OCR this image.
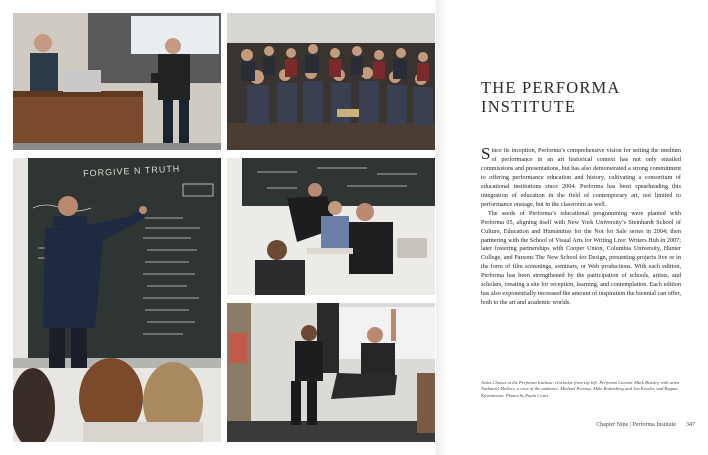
FORGIVE N TRUTH
THE PERFORMA INSTITUTE

Since its inception, Performa’s comprehensive vision for setting the medium of performance in an art historical context has not only entailed commissions and presentations, but has also demonstrated a strong commitment to offering performance education and history, cultivating a consortium of educational institutions since 2004. Performa has been spearheading this integration of education in the field of contemporary art, not limited to performance onstage, but in the classroom as well.

The seeds of Performa’s educational programming were planted with Performa 05, aligning itself with New York University’s Steinhardt School of Culture, Education and Humanities for the Not for Sale series in 2004; then partnering with the School of Visual Arts for Writing Live: Writers Hub in 2007; later fostering partnerships with Cooper Union, Columbia University, Hunter College, and Parsons The New School for Design, presenting projects live or in the form of film screenings, seminars, or Web productions. With each edition, Performa has been strengthened by the participation of schools, artists, and scholars, creating a site for reception, learning, and contemplation. Each edition has also exponentially increased the amount of inspiration the biennial can offer, both to the art and academic worlds.

Artist Classes at the Performa Institute, clockwise from top left: Performa Curator Mark Beasley with artist Nathaniel Mellors, a view of the audience, Michael Portnoy, Mike Rottenberg and Jon Kessler, and Ragnar Kjartansson. Photos by Paula Court
Chapter Nine | Performa Institute 347
